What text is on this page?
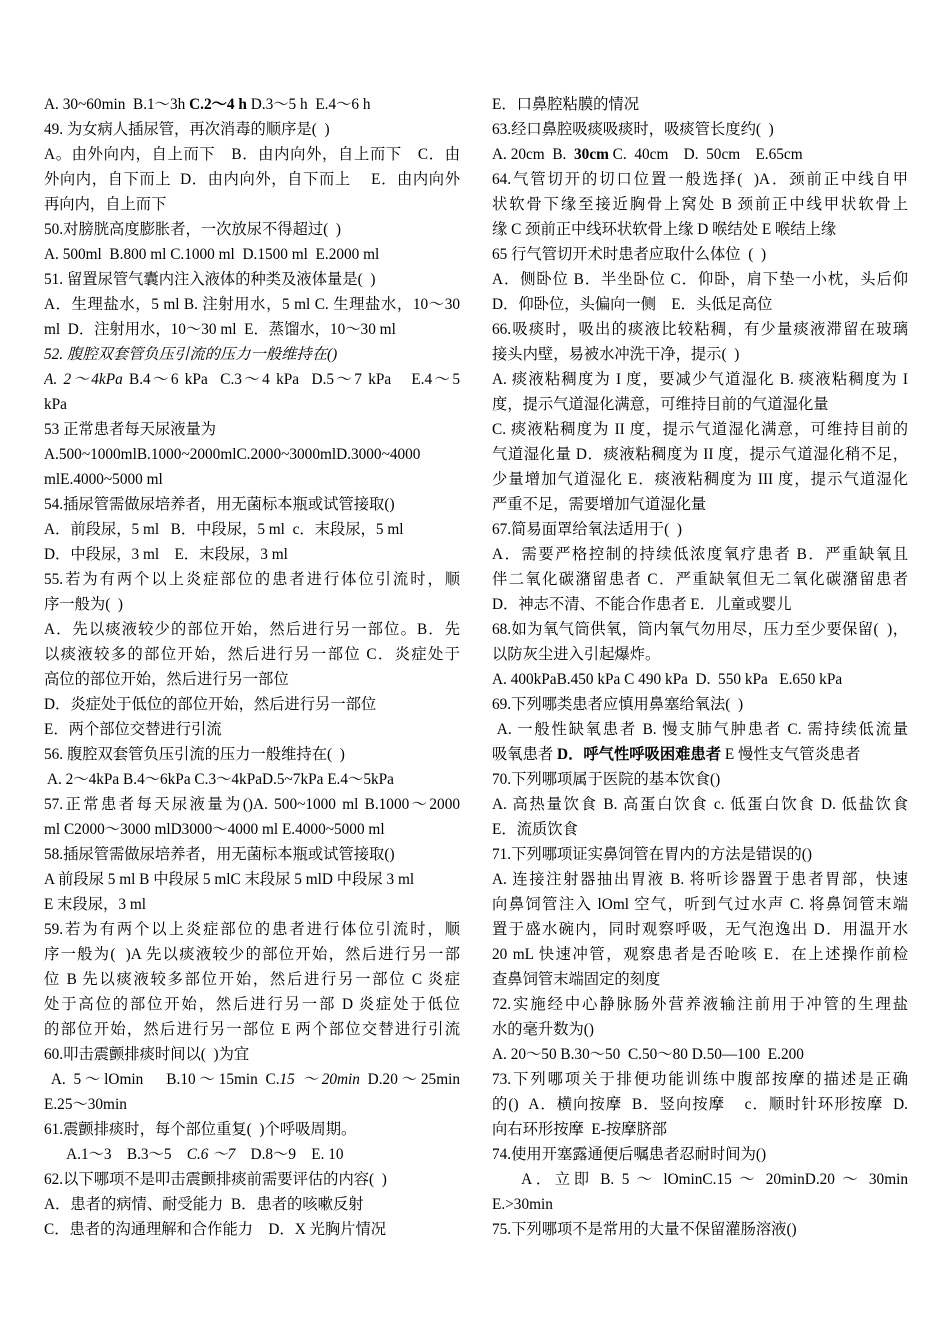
A. 30~60min  B.1～3h C.2～4 h D.3～5 h  E.4～6 h
49. 为女病人插尿管，再次消毒的顺序是(  )
A。由外向内，自上而下　B．由内向外，自上而下　C．由
外向内，自下而上  D．由内向外，自下而上　 E．由内向外
再向内，自上而下
50.对膀胱高度膨胀者，一次放尿不得超过(  )
A. 500ml  B.800 ml C.1000 ml  D.1500 ml  E.2000 ml
51. 留置尿管气囊内注入液体的种类及液体量是(  )
A．生理盐水，5 ml B. 注射用水，5 ml C. 生理盐水，10～30
ml  D．注射用水，10～30 ml  E．蒸馏水，10～30 ml
52. 腹腔双套管负压引流的压力一般维持在()
A. 2～4kPa B.4～6 kPa  C.3～4 kPa  D.5～7 kPa　E.4～5
kPa
53 正常患者每天尿液量为
A.500~1000mlB.1000~2000mlC.2000~3000mlD.3000~4000
mlE.4000~5000 ml
54.插尿管需做尿培养者，用无菌标本瓶或试管接取()
A．前段尿，5 ml   B．中段尿，5 ml  c．末段尿，5 ml
D．中段尿，3 ml    E．末段尿，3 ml
55.若为有两个以上炎症部位的患者进行体位引流时，顺
序一般为(  )
A．先以痰液较少的部位开始，然后进行另一部位。B．先
以痰液较多的部位开始，然后进行另一部位 C．炎症处于
高位的部位开始，然后进行另一部位
D．炎症处于低位的部位开始，然后进行另一部位
E．两个部位交替进行引流
56. 腹腔双套管负压引流的压力一般维持在(  )
A. 2～4kPa B.4～6kPa C.3～4kPaD.5~7kPa E.4～5kPa
57.正常患者每天尿液量为()A. 500~1000 ml B.1000～2000
ml C2000～3000 mlD3000～4000 ml E.4000~5000 ml
58.插尿管需做尿培养者，用无菌标本瓶或试管接取()
A 前段尿 5 ml B 中段尿 5 mlC 末段尿 5 mlD 中段尿 3 ml
E 末段尿，3 ml
59.若为有两个以上炎症部位的患者进行体位引流时，顺
序一般为(  )A 先以痰液较少的部位开始，然后进行另一部
位 B 先以痰液较多部位开始，然后进行另一部位 C 炎症
处于高位的部位开始，然后进行另一部 D 炎症处于低位
的部位开始，然后进行另一部位 E 两个部位交替进行引流
60.叩击震颤排痰时间以(  )为宜
A. 5～lOmin　B.10～15min C.15 ～20min D.20～25min
E.25～30min
61.震颤排痰时，每个部位重复(  )个呼吸周期。
A.1～3    B.3～5    C.6 ～7    D.8～9    E. 10
62.以下哪项不是叩击震颤排痰前需要评估的内容(  )
A．患者的病情、耐受能力  B．患者的咳嗽反射
C．患者的沟通理解和合作能力　D．X 光胸片情况
E．口鼻腔粘膜的情况
63.经口鼻腔吸痰吸痰时，吸痰管长度约(  )
A. 20cm  B.  30cm C.  40cm    D.  50cm    E.65cm
64.气管切开的切口位置一般选择(  )A．颈前正中线自甲
状软骨下缘至接近胸骨上窝处 B 颈前正中线甲状软骨上
缘 C 颈前正中线环状软骨上缘 D 喉结处 E 喉结上缘
65 行气管切开术时患者应取什么体位  (  )
A．侧卧位 B．半坐卧位 C．仰卧，肩下垫一小枕，头后仰
D．仰卧位，头偏向一侧　E．头低足高位
66.吸痰时，吸出的痰液比较粘稠，有少量痰液滞留在玻璃
接头内壁，易被水冲洗干净，提示(  )
A. 痰液粘稠度为 I 度，要减少气道湿化 B. 痰液粘稠度为 I
度，提示气道湿化满意，可维持目前的气道湿化量
C. 痰液粘稠度为 II 度，提示气道湿化满意，可维持目前的
气道湿化量 D．痰液粘稠度为 II 度，提示气道湿化稍不足，
少量增加气道湿化 E．痰液粘稠度为 III 度，提示气道湿化
严重不足，需要增加气道湿化量
67.简易面罩给氧法适用于(  )
A．需要严格控制的持续低浓度氧疗患者 B．严重缺氧且
伴二氧化碳潴留患者 C．严重缺氧但无二氧化碳潴留患者
D．神志不清、不能合作患者 E．儿童或婴儿
68.如为氧气筒供氧，筒内氧气勿用尽，压力至少要保留(  )，
以防灰尘进入引起爆炸。
A. 400kPaB.450 kPa C 490 kPa  D.  550 kPa   E.650 kPa
69.下列哪类患者应慎用鼻塞给氧法(  )
A. 一般性缺氧患者 B. 慢支肺气肿患者 C. 需持续低流量
吸氧患者 D．呼气性呼吸困难患者 E 慢性支气管炎患者
70.下列哪项属于医院的基本饮食()
A. 高热量饮食 B. 高蛋白饮食 c. 低蛋白饮食 D. 低盐饮食
E．流质饮食
71.下列哪项证实鼻饲管在胃内的方法是错误的()
A. 连接注射器抽出胃液 B. 将听诊器置于患者胃部，快速
向鼻饲管注入 lOml 空气，听到气过水声 C. 将鼻饲管末端
置于盛水碗内，同时观察呼吸，无气泡逸出 D．用温开水
20 mL 快速冲管，观察患者是否呛咳 E．在上述操作前检
查鼻饲管末端固定的刻度
72.实施经中心静脉肠外营养液输注前用于冲管的生理盐
水的毫升数为()
A. 20～50 B.30～50  C.50～80 D.50—100  E.200
73.下列哪项关于排便功能训练中腹部按摩的描述是正确
的()  A．横向按摩  B．竖向按摩    c．顺时针环形按摩  D.
向右环形按摩  E-按摩脐部
74.使用开塞露通便后嘱患者忍耐时间为()
A．立即 B. 5 ～ lOminC.15 ～ 20minD.20 ～ 30min
E.>30min
75.下列哪项不是常用的大量不保留灌肠溶液()
